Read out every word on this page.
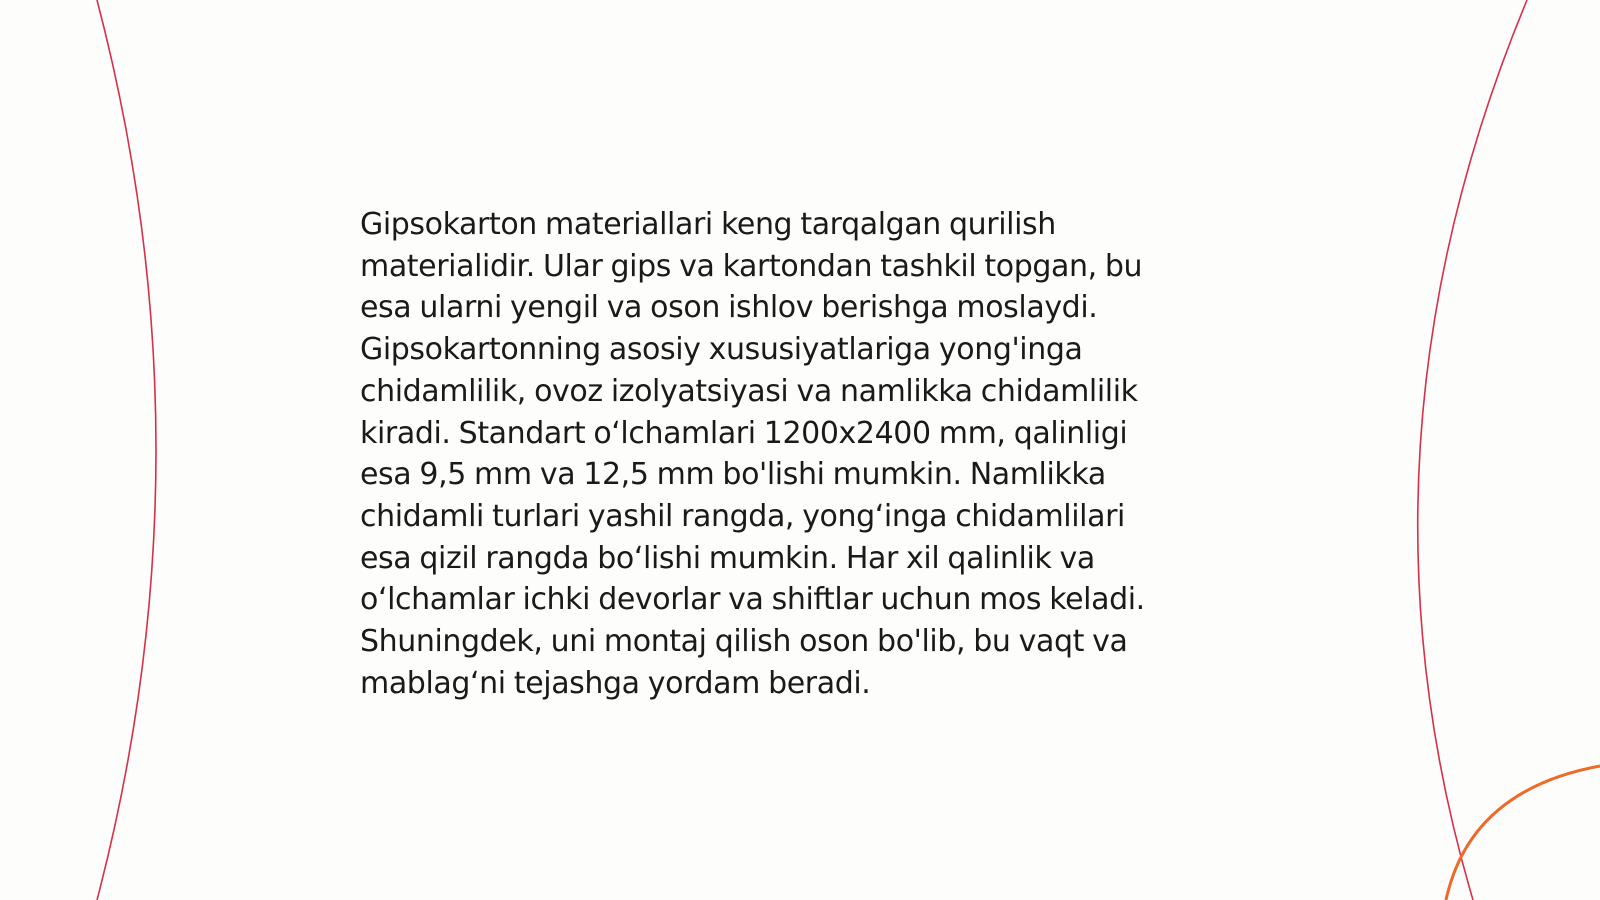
Gipsokarton materiallari keng tarqalgan qurilish
materialidir. Ular gips va kartondan tashkil topgan, bu
esa ularni yengil va oson ishlov berishga moslaydi.
Gipsokartonning asosiy xususiyatlariga yong'inga
chidamlilik, ovoz izolyatsiyasi va namlikka chidamlilik
kiradi. Standart o‘lchamlari 1200x2400 mm, qalinligi
esa 9,5 mm va 12,5 mm bo'lishi mumkin. Namlikka
chidamli turlari yashil rangda, yong‘inga chidamlilari
esa qizil rangda bo‘lishi mumkin. Har xil qalinlik va
o‘lchamlar ichki devorlar va shiftlar uchun mos keladi.
Shuningdek, uni montaj qilish oson bo'lib, bu vaqt va
mablag‘ni tejashga yordam beradi.
